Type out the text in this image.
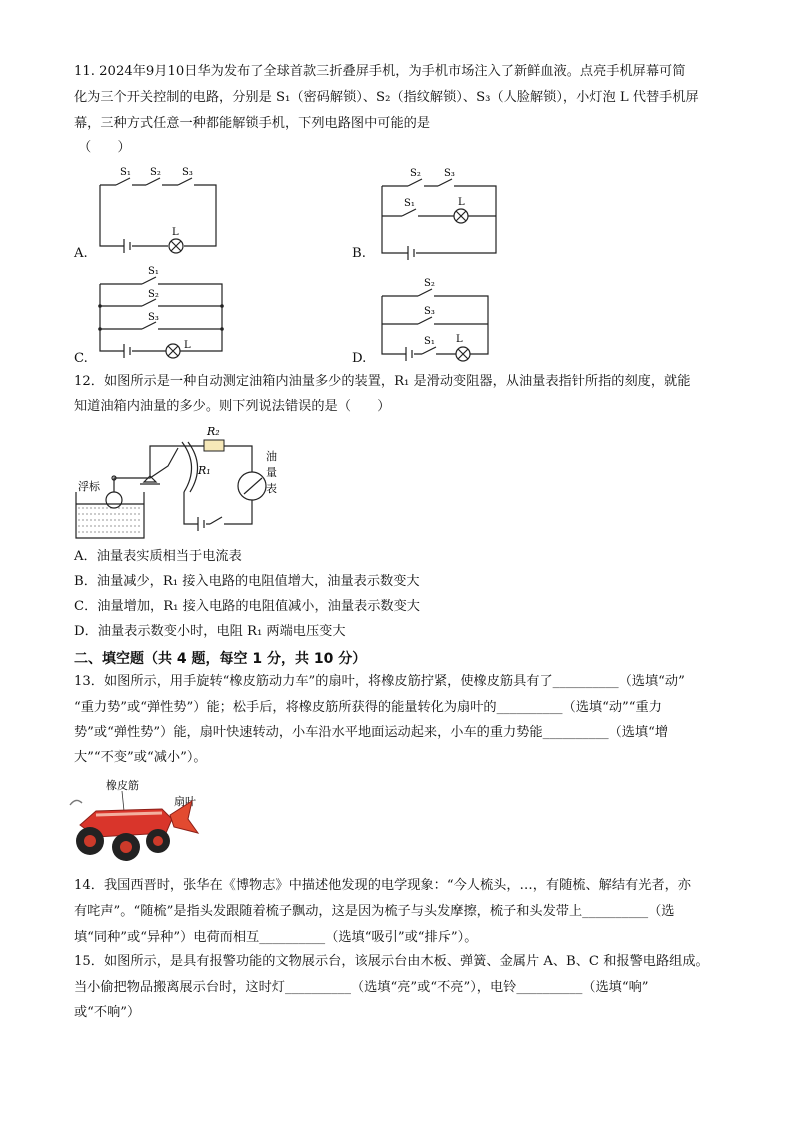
11. 2024年9月10日华为发布了全球首款三折叠屏手机，为手机市场注入了新鲜血液。点亮手机屏幕可简
化为三个开关控制的电路，分别是 S₁（密码解锁）、S₂（指纹解锁）、S₃（人脸解锁），小灯泡 L 代替手机屏
幕，三种方式任意一种都能解锁手机，下列电路图中可能的是
（　　）
A.
S₁ S₂ S₃
L
B.
S₂ S₃
S₁	L
C.
S₁
S₂
S₃
L
D.
S₂
S₃
S₁ L
12．如图所示是一种自动测定油箱内油量多少的装置，R₁ 是滑动变阻器，从油量表指针所指的刻度，就能
知道油箱内油量的多少。则下列说法错误的是（　　）
浮标
R₂
R₁
油
量
表
A．油量表实质相当于电流表
B．油量减少，R₁ 接入电路的电阻值增大，油量表示数变大
C．油量增加，R₁ 接入电路的电阻值减小，油量表示数变大
D．油量表示数变小时，电阻 R₁ 两端电压变大
二、填空题（共 4 题，每空 1 分，共 10 分）
13．如图所示，用手旋转“橡皮筋动力车”的扇叶，将橡皮筋拧紧，使橡皮筋具有了__________（选填“动”
“重力势”或“弹性势”）能；松手后，将橡皮筋所获得的能量转化为扇叶的__________（选填“动”“重力
势”或“弹性势”）能，扇叶快速转动，小车沿水平地面运动起来，小车的重力势能__________（选填“增
大”“不变”或“减小”）。
橡皮筋
扇叶
14．我国西晋时，张华在《博物志》中描述他发现的电学现象：“今人梳头，…，有随梳、解结有光者，亦
有咤声”。“随梳”是指头发跟随着梳子飘动，这是因为梳子与头发摩擦，梳子和头发带上__________（选
填“同种”或“异种”）电荷而相互__________（选填“吸引”或“排斥”）。
15．如图所示，是具有报警功能的文物展示台，该展示台由木板、弹簧、金属片 A、B、C 和报警电路组成。
当小偷把物品搬离展示台时，这时灯__________（选填“亮”或“不亮”），电铃__________（选填“响”
或“不响”）
